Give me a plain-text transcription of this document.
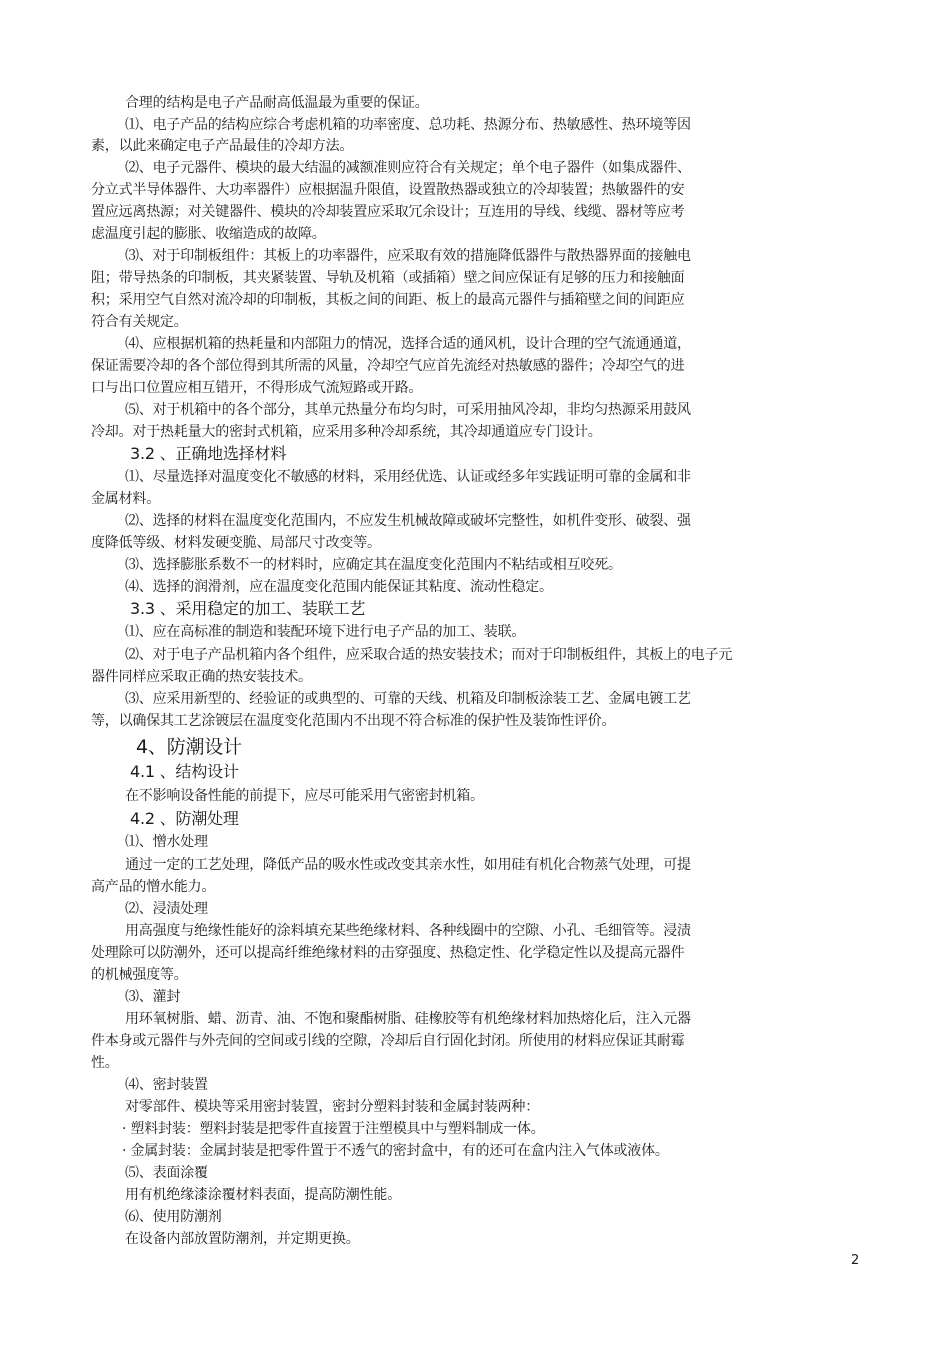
合理的结构是电子产品耐高低温最为重要的保证。
⑴、电子产品的结构应综合考虑机箱的功率密度、总功耗、热源分布、热敏感性、热环境等因
素，以此来确定电子产品最佳的冷却方法。
⑵、电子元器件、模块的最大结温的减额准则应符合有关规定；单个电子器件（如集成器件、
分立式半导体器件、大功率器件）应根据温升限值，设置散热器或独立的冷却装置；热敏器件的安
置应远离热源；对关键器件、模块的冷却装置应采取冗余设计；互连用的导线、线缆、器材等应考
虑温度引起的膨胀、收缩造成的故障。
⑶、对于印制板组件：其板上的功率器件，应采取有效的措施降低器件与散热器界面的接触电
阻；带导热条的印制板，其夹紧装置、导轨及机箱（或插箱）壁之间应保证有足够的压力和接触面
积；采用空气自然对流冷却的印制板，其板之间的间距、板上的最高元器件与插箱壁之间的间距应
符合有关规定。
⑷、应根据机箱的热耗量和内部阻力的情况，选择合适的通风机，设计合理的空气流通通道，
保证需要冷却的各个部位得到其所需的风量，冷却空气应首先流经对热敏感的器件；冷却空气的进
口与出口位置应相互错开，不得形成气流短路或开路。
⑸、对于机箱中的各个部分，其单元热量分布均匀时，可采用抽风冷却，非均匀热源采用鼓风
冷却。对于热耗量大的密封式机箱，应采用多种冷却系统，其冷却通道应专门设计。
3.2 、正确地选择材料
⑴、尽量选择对温度变化不敏感的材料，采用经优选、认证或经多年实践证明可靠的金属和非
金属材料。
⑵、选择的材料在温度变化范围内，不应发生机械故障或破坏完整性，如机件变形、破裂、强
度降低等级、材料发硬变脆、局部尺寸改变等。
⑶、选择膨胀系数不一的材料时，应确定其在温度变化范围内不粘结或相互咬死。
⑷、选择的润滑剂，应在温度变化范围内能保证其粘度、流动性稳定。
3.3 、采用稳定的加工、装联工艺
⑴、应在高标准的制造和装配环境下进行电子产品的加工、装联。
⑵、对于电子产品机箱内各个组件，应采取合适的热安装技术；而对于印制板组件，其板上的电子元
器件同样应采取正确的热安装技术。
⑶、应采用新型的、经验证的或典型的、可靠的天线、机箱及印制板涂装工艺、金属电镀工艺
等，以确保其工艺涂镀层在温度变化范围内不出现不符合标准的保护性及装饰性评价。
4、防潮设计
4.1 、结构设计
在不影响设备性能的前提下，应尽可能采用气密密封机箱。
4.2 、防潮处理
⑴、憎水处理
通过一定的工艺处理，降低产品的吸水性或改变其亲水性，如用硅有机化合物蒸气处理，可提
高产品的憎水能力。
⑵、浸渍处理
用高强度与绝缘性能好的涂料填充某些绝缘材料、各种线圈中的空隙、小孔、毛细管等。浸渍
处理除可以防潮外，还可以提高纤维绝缘材料的击穿强度、热稳定性、化学稳定性以及提高元器件
的机械强度等。
⑶、灌封
用环氧树脂、蜡、沥青、油、不饱和聚酯树脂、硅橡胶等有机绝缘材料加热熔化后，注入元器
件本身或元器件与外壳间的空间或引线的空隙，冷却后自行固化封闭。所使用的材料应保证其耐霉
性。
⑷、密封装置
对零部件、模块等采用密封装置，密封分塑料封装和金属封装两种：
· 塑料封装：塑料封装是把零件直接置于注塑模具中与塑料制成一体。
· 金属封装：金属封装是把零件置于不透气的密封盒中，有的还可在盒内注入气体或液体。
⑸、表面涂覆
用有机绝缘漆涂覆材料表面，提高防潮性能。
⑹、使用防潮剂
在设备内部放置防潮剂，并定期更换。
2
